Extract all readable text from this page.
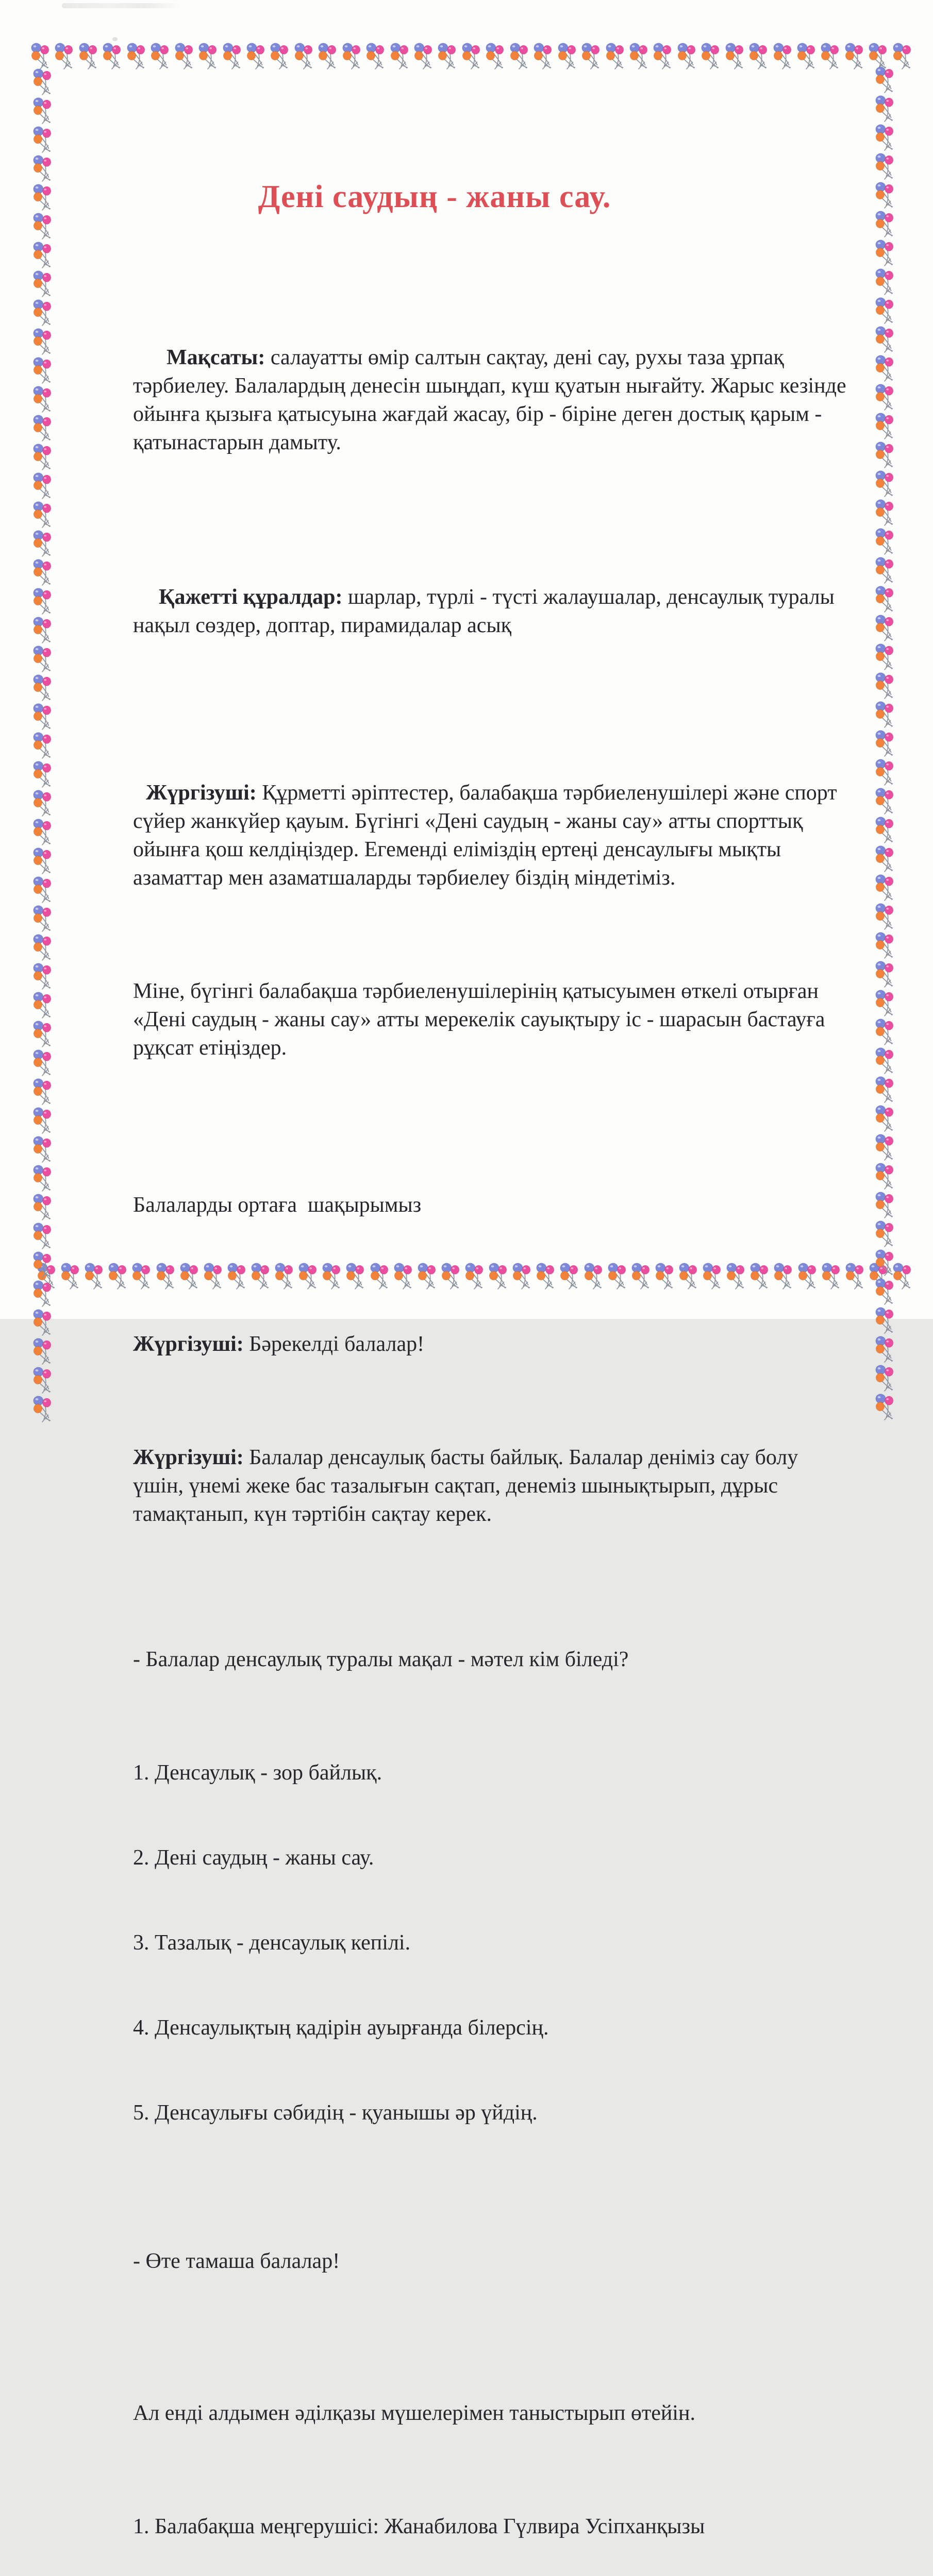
Дені саудың - жаны сау.

Мақсаты: салауатты өмір салтын сақтау, дені сау, рухы таза ұрпақ тәрбиелеу. Балалардың денесін шыңдап, күш қуатын нығайту. Жарыс кезінде ойынға қызыға қатысуына жағдай жасау, бір - біріне деген достық қарым - қатынастарын дамыту.

Қажетті құралдар: шарлар, түрлі - түсті жалаушалар, денсаулық туралы нақыл сөздер, доптар, пирамидалар асық

Жүргізуші: Құрметті әріптестер, балабақша тәрбиеленушілері және спорт сүйер жанкүйер қауым. Бүгінгі «Дені саудың - жаны сау» атты спорттық ойынға қош келдіңіздер. Егеменді еліміздің ертеңі денсаулығы мықты азаматтар мен азаматшаларды тәрбиелеу біздің міндетіміз.

Міне, бүгінгі балабақша тәрбиеленушілерінің қатысуымен өткелі отырған «Дені саудың - жаны сау» атты мерекелік сауықтыру іс - шарасын бастауға рұқсат етіңіздер.

Балаларды ортаға  шақырымыз

Жүргізуші: Бәрекелді балалар!

Жүргізуші: Балалар денсаулық басты байлық. Балалар деніміз сау болу үшін, үнемі жеке бас тазалығын сақтап, денеміз шынықтырып, дұрыс тамақтанып, күн тәртібін сақтау керек.

- Балалар денсаулық туралы мақал - мәтел кім біледі?

1. Денсаулық - зор байлық.

2. Дені саудың - жаны сау.

3. Тазалық - денсаулық кепілі.

4. Денсаулықтың қадірін ауырғанда білерсің.

5. Денсаулығы сәбидің - қуанышы әр үйдің.

- Өте тамаша балалар!

Ал енді алдымен әділқазы мүшелерімен таныстырып өтейін.

1. Балабақша меңгерушісі: Жанабилова Гүлвира Усіпханқызы
